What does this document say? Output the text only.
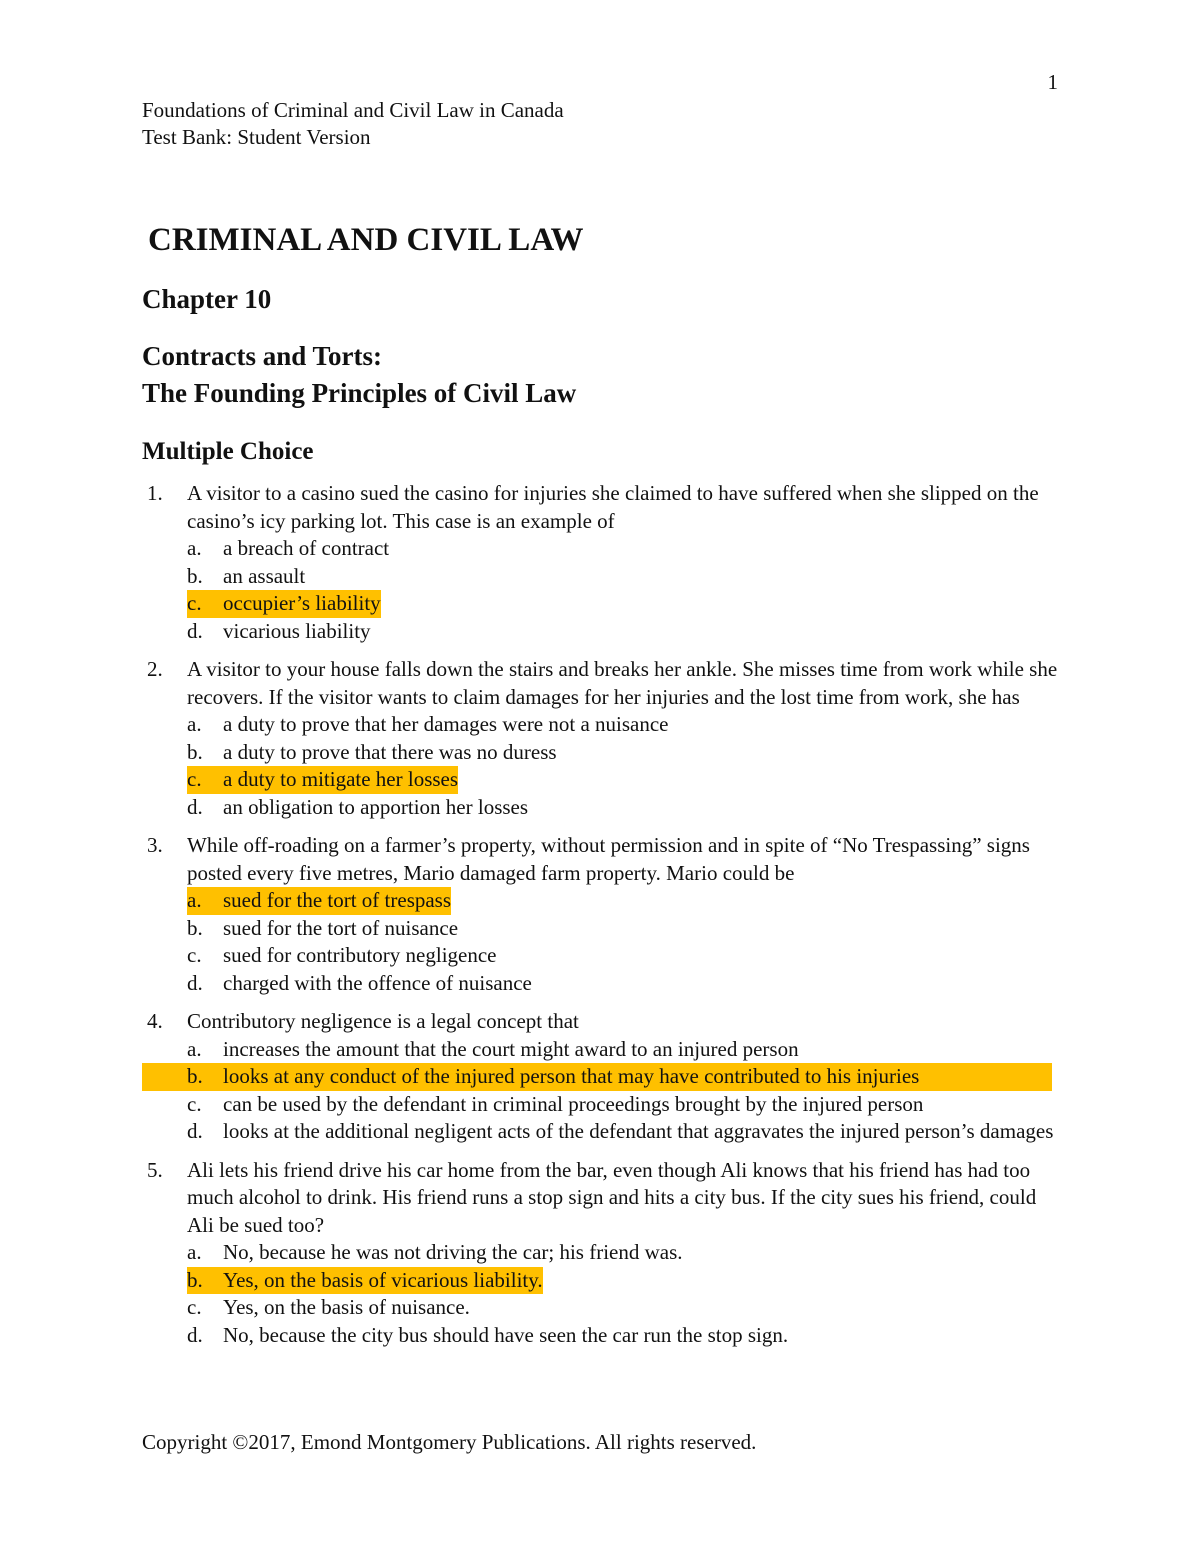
1
Foundations of Criminal and Civil Law in Canada
Test Bank: Student Version
CRIMINAL AND CIVIL LAW
Chapter 10
Contracts and Torts:
The Founding Principles of Civil Law
Multiple Choice
1.	A visitor to a casino sued the casino for injuries she claimed to have suffered when she slipped on the casino’s icy parking lot. This case is an example of
a.	a breach of contract
b. an assault
c.	occupier’s liability
d. vicarious liability
2.	A visitor to your house falls down the stairs and breaks her ankle. She misses time from work while she recovers. If the visitor wants to claim damages for her injuries and the lost time from work, she has
a.	a duty to prove that her damages were not a nuisance
b. a duty to prove that there was no duress
c.	a duty to mitigate her losses
d. an obligation to apportion her losses
3.	While off-roading on a farmer’s property, without permission and in spite of “No Trespassing” signs posted every five metres, Mario damaged farm property. Mario could be
a.	sued for the tort of trespass
b. sued for the tort of nuisance
c.	sued for contributory negligence
d. charged with the offence of nuisance
4.	Contributory negligence is a legal concept that
a.	increases the amount that the court might award to an injured person
b. looks at any conduct of the injured person that may have contributed to his injuries
c.	can be used by the defendant in criminal proceedings brought by the injured person
d. looks at the additional negligent acts of the defendant that aggravates the injured person’s damages
5.	Ali lets his friend drive his car home from the bar, even though Ali knows that his friend has had too much alcohol to drink. His friend runs a stop sign and hits a city bus. If the city sues his friend, could Ali be sued too?
a.	No, because he was not driving the car; his friend was.
b. Yes, on the basis of vicarious liability.
c.	Yes, on the basis of nuisance.
d. No, because the city bus should have seen the car run the stop sign.
Copyright ©2017, Emond Montgomery Publications. All rights reserved.
